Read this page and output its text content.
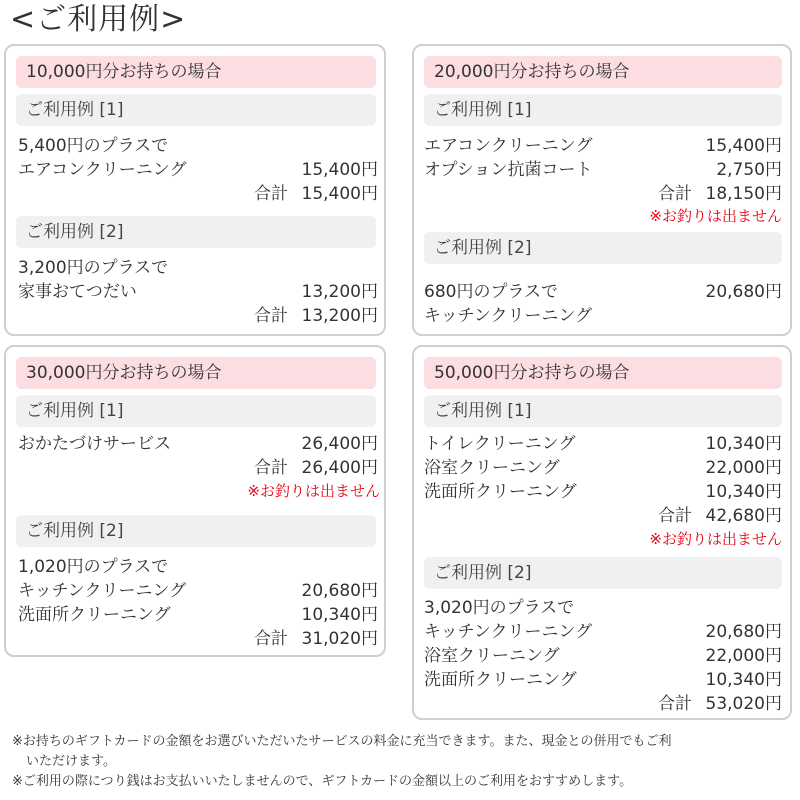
<ご利用例>
10,000円分お持ちの場合
ご利用例 [1]
5,400円のプラスで
エアコンクリーニング	15,400円
合計 15,400円
ご利用例 [2]
3,200円のプラスで
家事おてつだい	13,200円
合計 13,200円
20,000円分お持ちの場合
ご利用例 [1]
エアコンクリーニング	15,400円
オプション抗菌コート	2,750円
合計 18,150円
※お釣りは出ません
ご利用例 [2]
680円のプラスで	20,680円
キッチンクリーニング
30,000円分お持ちの場合
ご利用例 [1]
おかたづけサービス	26,400円
合計 26,400円
※お釣りは出ません
ご利用例 [2]
1,020円のプラスで
キッチンクリーニング	20,680円
洗面所クリーニング	10,340円
合計 31,020円
50,000円分お持ちの場合
ご利用例 [1]
トイレクリーニング	10,340円
浴室クリーニング	22,000円
洗面所クリーニング	10,340円
合計 42,680円
※お釣りは出ません
ご利用例 [2]
3,020円のプラスで
キッチンクリーニング	20,680円
浴室クリーニング	22,000円
洗面所クリーニング	10,340円
合計 53,020円
※お持ちのギフトカードの金額をお選びいただいたサービスの料金に充当できます。また、現金との併用でもご利
いただけます。
※ご利用の際につり銭はお支払いいたしませんので、ギフトカードの金額以上のご利用をおすすめします。
